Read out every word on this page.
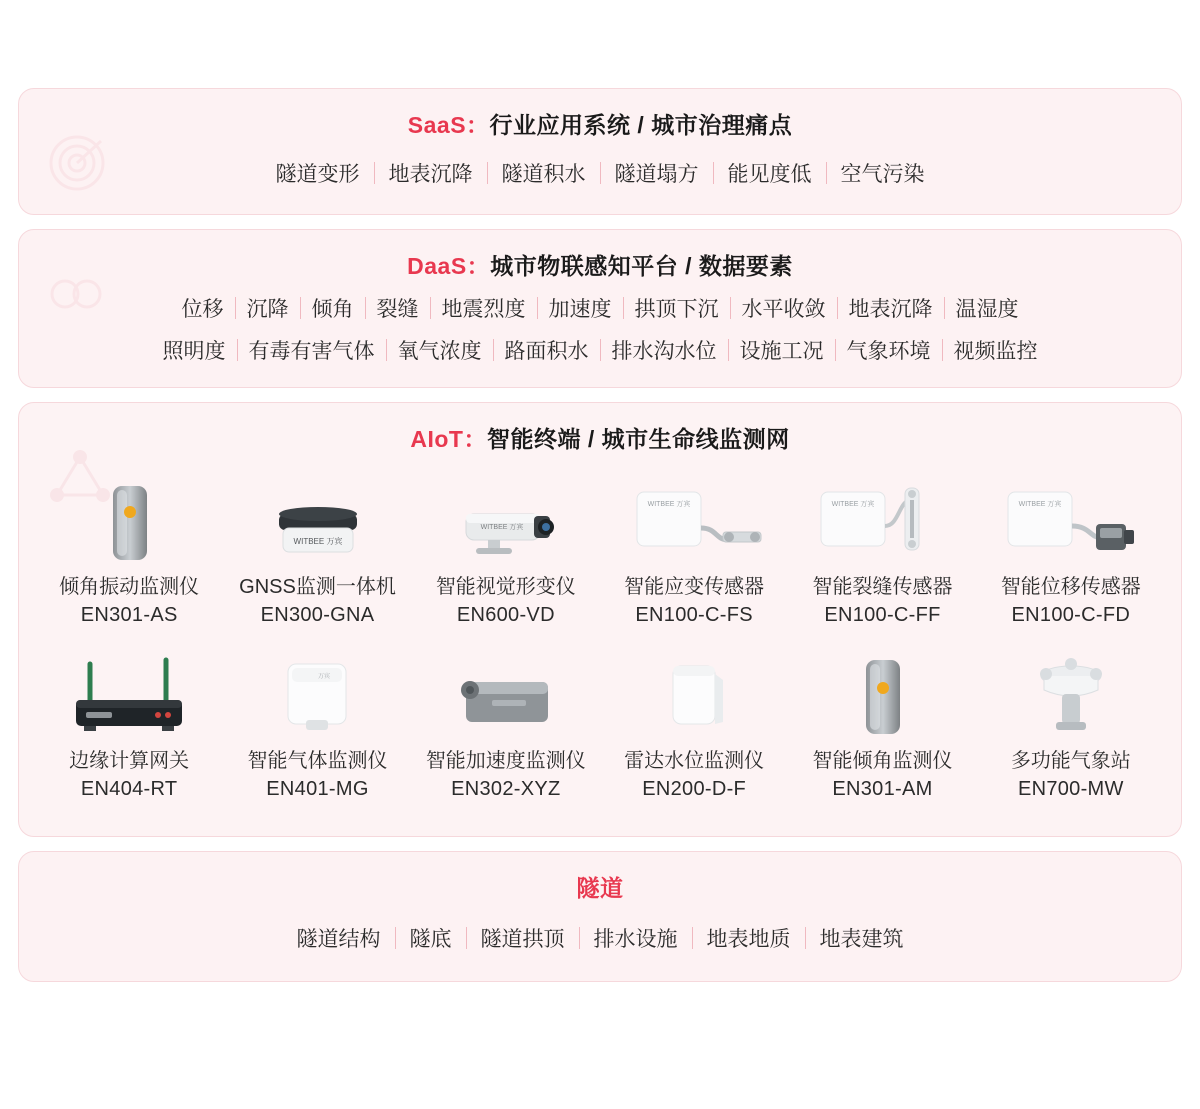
SaaS：行业应用系统 / 城市治理痛点
隧道变形	地表沉降	隧道积水	隧道塌方	能见度低	空气污染
DaaS：城市物联感知平台 / 数据要素
位移	沉降	倾角	裂缝	地震烈度	加速度	拱顶下沉	水平收敛	地表沉降	温湿度
照明度	有毒有害气体	氧气浓度	路面积水	排水沟水位	设施工况	气象环境	视频监控
AIoT：智能终端 / 城市生命线监测网
倾角振动监测仪
EN301-AS
WITBEE 万宾
GNSS监测一体机
EN300-GNA
WITBEE 万宾
智能视觉形变仪
EN600-VD
WITBEE 万宾
智能应变传感器
EN100-C-FS
WITBEE 万宾
智能裂缝传感器
EN100-C-FF
WITBEE 万宾
智能位移传感器
EN100-C-FD
边缘计算网关
EN404-RT
万宾
智能气体监测仪
EN401-MG
智能加速度监测仪
EN302-XYZ
雷达水位监测仪
EN200-D-F
智能倾角监测仪
EN301-AM
多功能气象站
EN700-MW
隧道
隧道结构	隧底	隧道拱顶	排水设施	地表地质	地表建筑
